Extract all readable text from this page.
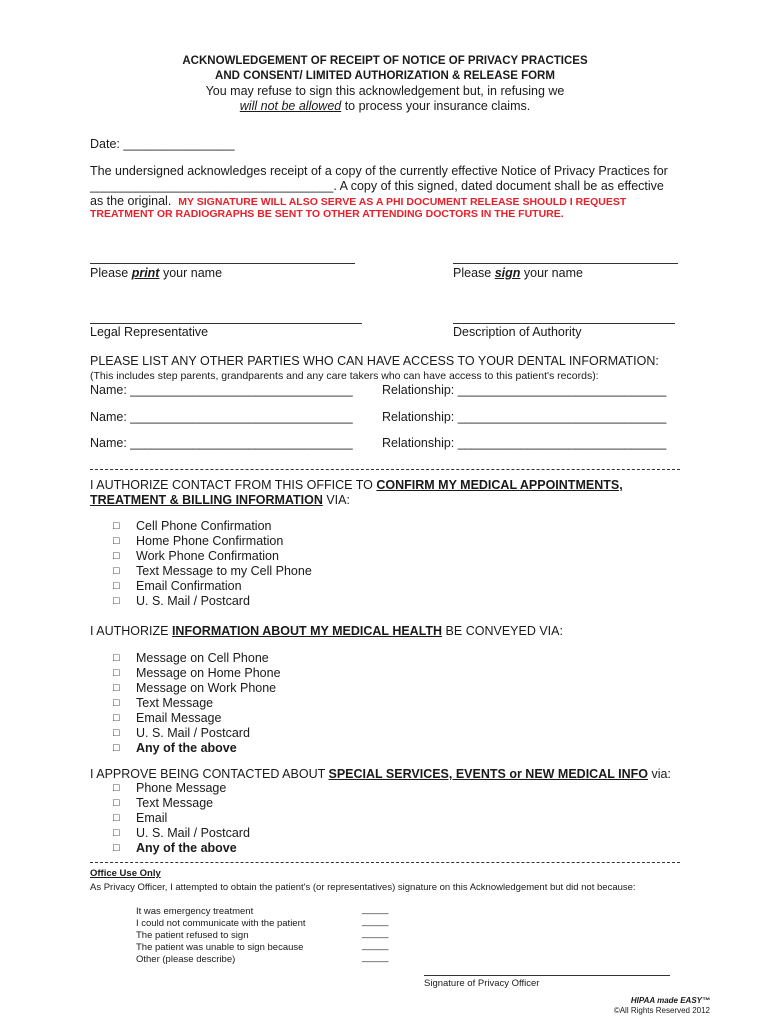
ACKNOWLEDGEMENT OF RECEIPT OF NOTICE OF PRIVACY PRACTICES
AND CONSENT/ LIMITED AUTHORIZATION & RELEASE FORM
You may refuse to sign this acknowledgement but, in refusing we
will not be allowed to process your insurance claims.
Date: ________________
The undersigned acknowledges receipt of a copy of the currently effective Notice of Privacy Practices for
___________________________________. A copy of this signed, dated document shall be as effective
as the original. MY SIGNATURE WILL ALSO SERVE AS A PHI DOCUMENT RELEASE SHOULD I REQUEST
TREATMENT OR RADIOGRAPHS BE SENT TO OTHER ATTENDING DOCTORS IN THE FUTURE.
Please print your name	Please sign your name
Legal Representative	Description of Authority
PLEASE LIST ANY OTHER PARTIES WHO CAN HAVE ACCESS TO YOUR DENTAL INFORMATION:
(This includes step parents, grandparents and any care takers who can have access to this patient's records):
Name: ________________________________ Relationship: ______________________________
Name: ________________________________ Relationship: ______________________________
Name: ________________________________ Relationship: ______________________________
I AUTHORIZE CONTACT FROM THIS OFFICE TO CONFIRM MY MEDICAL APPOINTMENTS,
TREATMENT & BILLING INFORMATION VIA:
□ Cell Phone Confirmation
□ Home Phone Confirmation
□ Work Phone Confirmation
□ Text Message to my Cell Phone
□ Email Confirmation
□ U. S. Mail / Postcard
I AUTHORIZE INFORMATION ABOUT MY MEDICAL HEALTH BE CONVEYED VIA:
□ Message on Cell Phone
□ Message on Home Phone
□ Message on Work Phone
□ Text Message
□ Email Message
□ U. S. Mail / Postcard
□ Any of the above
I APPROVE BEING CONTACTED ABOUT SPECIAL SERVICES, EVENTS or NEW MEDICAL INFO via:
□ Phone Message
□ Text Message
□ Email
□ U. S. Mail / Postcard
□ Any of the above
Office Use Only
As Privacy Officer, I attempted to obtain the patient's (or representatives) signature on this Acknowledgement but did not because:
It was emergency treatment	_____
I could not communicate with the patient	_____
The patient refused to sign	_____
The patient was unable to sign because	_____
Other (please describe)	_____
Signature of Privacy Officer
HIPAA made EASY™
©All Rights Reserved 2012
